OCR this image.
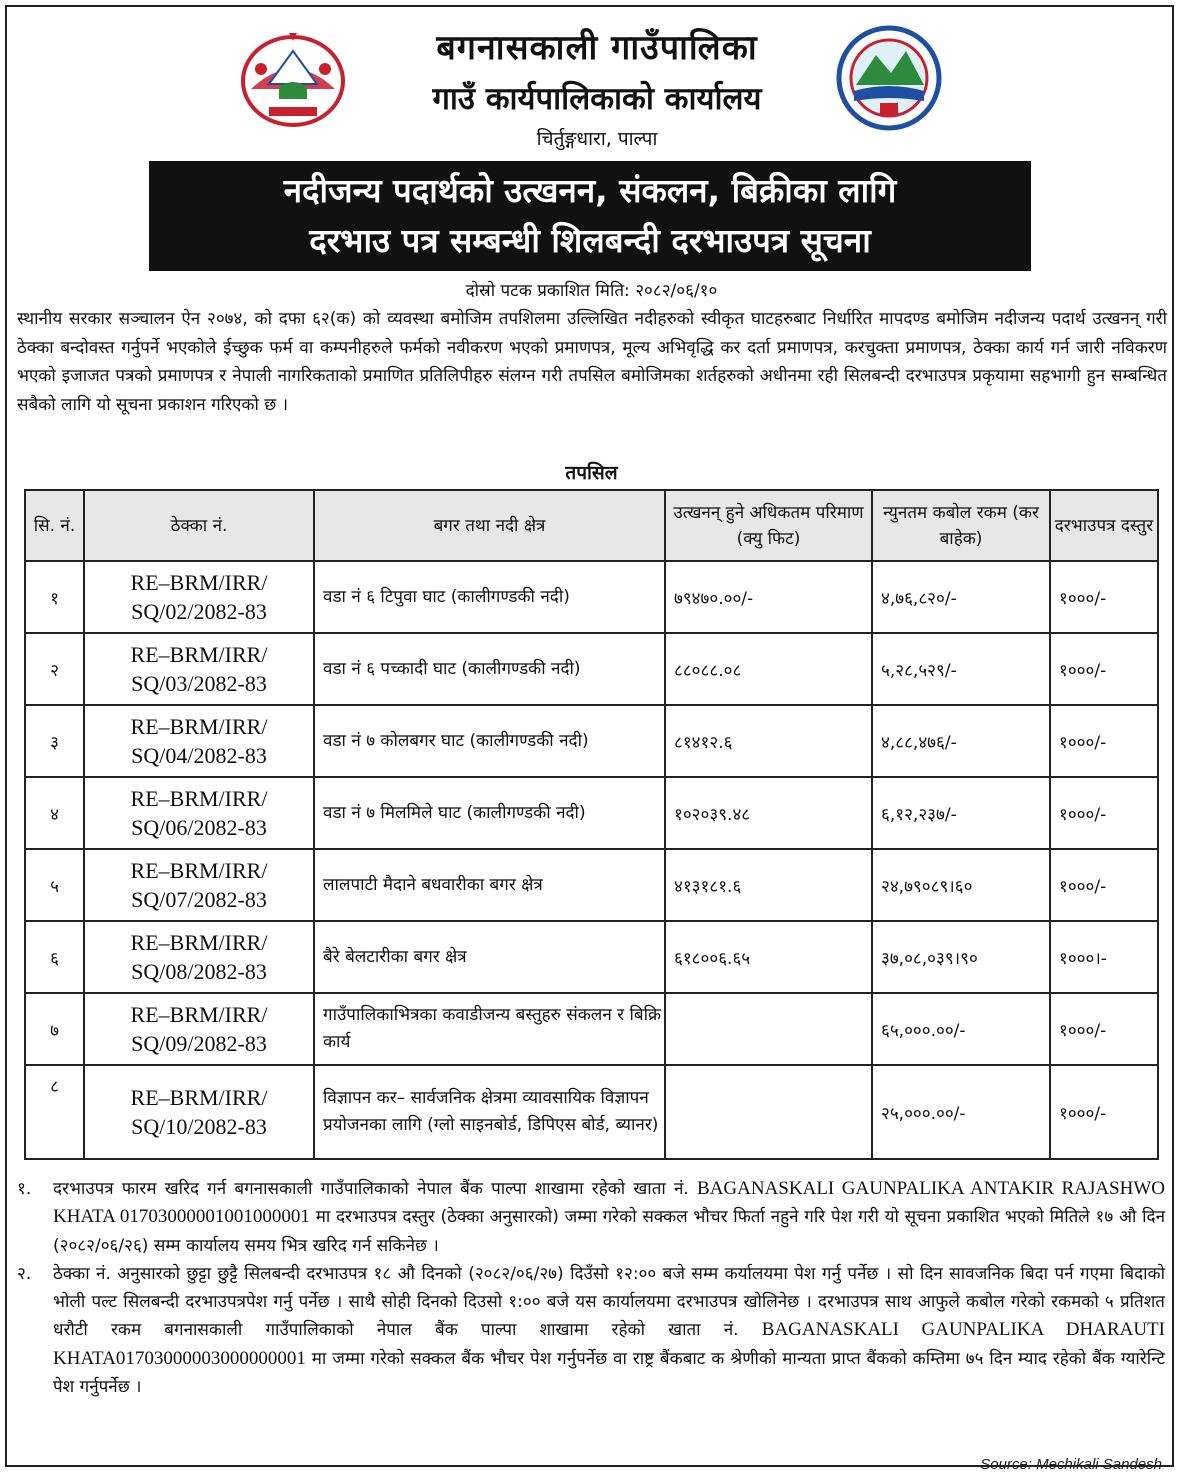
बगनासकाली गाउँपालिका
गाउँ कार्यपालिकाको कार्यालय
चिर्तुङ्गधारा, पाल्पा
नदीजन्य पदार्थको उत्खनन, संकलन, बिक्रीका लागि
दरभाउ पत्र सम्बन्धी शिलबन्दी दरभाउपत्र सूचना
दोस्रो पटक प्रकाशित मिति: २०८२/०६/१०
स्थानीय सरकार सञ्चालन ऐन २०७४, को दफा ६२(क) को व्यवस्था बमोजिम तपशिलमा उल्लिखित नदीहरुको स्वीकृत घाटहरुबाट निर्धारित मापदण्ड बमोजिम नदीजन्य पदार्थ उत्खनन् गरी ठेक्का बन्दोवस्त गर्नुपर्ने भएकोले ईच्छुक फर्म वा कम्पनीहरुले फर्मको नवीकरण भएको प्रमाणपत्र, मूल्य अभिवृद्धि कर दर्ता प्रमाणपत्र, करचुक्ता प्रमाणपत्र, ठेक्का कार्य गर्न जारी नविकरण भएको इजाजत पत्रको प्रमाणपत्र र नेपाली नागरिकताको प्रमाणित प्रतिलिपीहरु संलग्न गरी तपसिल बमोजिमका शर्तहरुको अधीनमा रही सिलबन्दी दरभाउपत्र प्रकृयामा सहभागी हुन सम्बन्धित सबैको लागि यो सूचना प्रकाशन गरिएको छ ।
तपसिल
सि. नं.	ठेक्का नं.	बगर तथा नदी क्षेत्र	उत्खनन् हुने अधिकतम परिमाण (क्यु फिट)	न्युनतम कबोल रकम (कर बाहेक)	दरभाउपत्र दस्तुर
१	RE–BRM/IRR/
SQ/02/2082-83	वडा नं ६ टिपुवा घाट (कालीगण्डकी नदी)	७९४७०.००/-	४,७६,८२०/-	१०००/-
२	RE–BRM/IRR/
SQ/03/2082-83	वडा नं ६ पच्कादी घाट (कालीगण्डकी नदी)	८८०८८.०८	५,२८,५२९/-	१०००/-
३	RE–BRM/IRR/
SQ/04/2082-83	वडा नं ७ कोलबगर घाट (कालीगण्डकी नदी)	८१४१२.६	४,८८,४७६/-	१०००/-
४	RE–BRM/IRR/
SQ/06/2082-83	वडा नं ७ मिलमिले घाट (कालीगण्डकी नदी)	१०२०३९.४८	६,१२,२३७/-	१०००/-
५	RE–BRM/IRR/
SQ/07/2082-83	लालपाटी मैदाने बधवारीका बगर क्षेत्र	४१३१८१.६	२४,७९०८९।६०	१०००/-
६	RE–BRM/IRR/
SQ/08/2082-83	बैरे बेलटारीका बगर क्षेत्र	६१८००६.६५	३७,०८,०३९।९०	१०००।-
७	RE–BRM/IRR/
SQ/09/2082-83	गाउँपालिकाभित्रका कवाडीजन्य बस्तुहरु संकलन र बिक्रि कार्य		६५,०००.००/-	१०००/-
८	RE–BRM/IRR/
SQ/10/2082-83	विज्ञापन कर– सार्वजनिक क्षेत्रमा व्यावसायिक विज्ञापन प्रयोजनका लागि (ग्लो साइनबोर्ड, डिपिएस बोर्ड, ब्यानर)		२५,०००.००/-	१०००/-
१.	दरभाउपत्र फारम खरिद गर्न बगनासकाली गाउँपालिकाको नेपाल बैंक पाल्पा शाखामा रहेको खाता नं. BAGANASKALI GAUNPALIKA ANTAKIR RAJASHWO KHATA 01703000001001000001 मा दरभाउपत्र दस्तुर (ठेक्का अनुसारको) जम्मा गरेको सक्कल भौचर फिर्ता नहुने गरि पेश गरी यो सूचना प्रकाशित भएको मितिले १७ औ दिन (२०८२/०६/२६) सम्म कार्यालय समय भित्र खरिद गर्न सकिनेछ ।
२.	ठेक्का नं. अनुसारको छुट्टा छुट्टै सिलबन्दी दरभाउपत्र १८ औ दिनको (२०८२/०६/२७) दिउँसो १२:०० बजे सम्म कर्यालयमा पेश गर्नु पर्नेछ । सो दिन सावजनिक बिदा पर्न गएमा बिदाको भोली पल्ट सिलबन्दी दरभाउपत्रपेश गर्नु पर्नेछ । साथै सोही दिनको दिउसो १:०० बजे यस कार्यालयमा दरभाउपत्र खोलिनेछ । दरभाउपत्र साथ आफुले कबोल गरेको रकमको ५ प्रतिशत धरौटी रकम बगनासकाली गाउँपालिकाको नेपाल बैंक पाल्पा शाखामा रहेको खाता नं. BAGANASKALI GAUNPALIKA DHARAUTI KHATA01703000003000000001 मा जम्मा गरेको सक्कल बैंक भौचर पेश गर्नुपर्नेछ वा राष्ट्र बैंकबाट क श्रेणीको मान्यता प्राप्त बैंकको कम्तिमा ७५ दिन म्याद रहेको बैंक ग्यारेन्टि पेश गर्नुपर्नेछ ।
Source: Mechikali Sandesh
